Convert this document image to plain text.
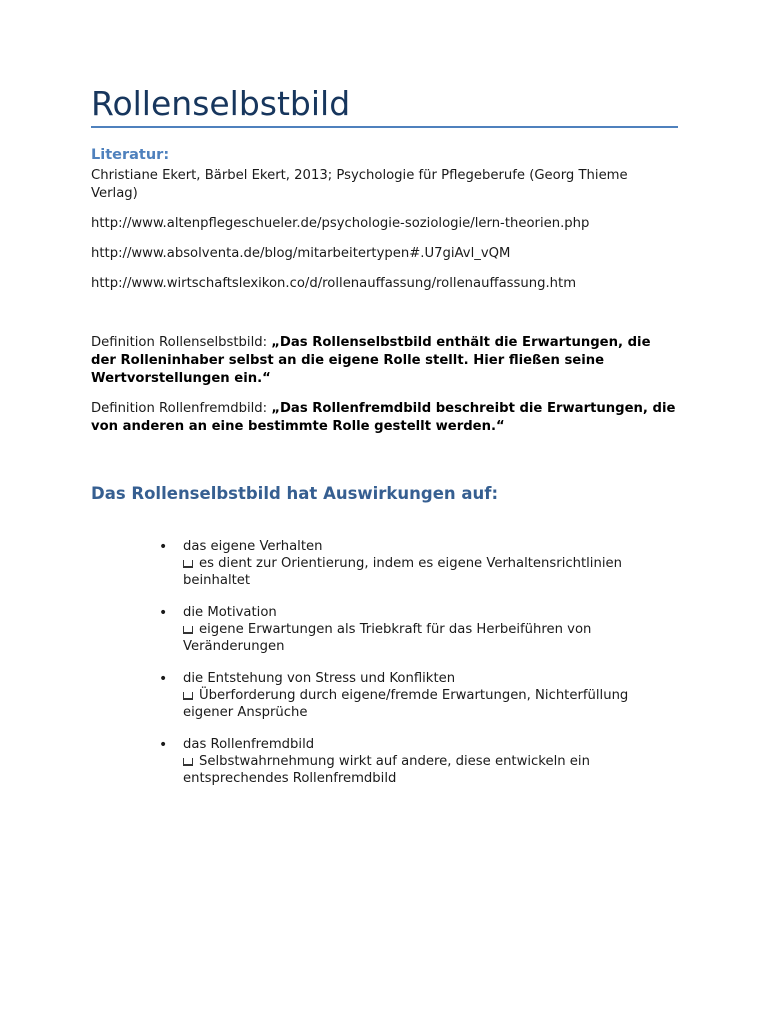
Rollenselbstbild
Literatur:

Christiane Ekert, Bärbel Ekert, 2013; Psychologie für Pflegeberufe (Georg Thieme Verlag)

http://www.altenpflegeschueler.de/psychologie-soziologie/lern-theorien.php

http://www.absolventa.de/blog/mitarbeitertypen#.U7giAvl_vQM

http://www.wirtschaftslexikon.co/d/rollenauffassung/rollenauffassung.htm

Definition Rollenselbstbild: „Das Rollenselbstbild enthält die Erwartungen, die der Rolleninhaber selbst an die eigene Rolle stellt. Hier fließen seine Wertvorstellungen ein.“

Definition Rollenfremdbild: „Das Rollenfremdbild beschreibt die Erwartungen, die von anderen an eine bestimmte Rolle gestellt werden.“

Das Rollenselbstbild hat Auswirkungen auf:
• das eigene Verhalten
es dient zur Orientierung, indem es eigene Verhaltensrichtlinien beinhaltet
• die Motivation
eigene Erwartungen als Triebkraft für das Herbeiführen von Veränderungen
• die Entstehung von Stress und Konflikten
Überforderung durch eigene/fremde Erwartungen, Nichterfüllung eigener Ansprüche
• das Rollenfremdbild
Selbstwahrnehmung wirkt auf andere, diese entwickeln ein entsprechendes Rollenfremdbild
